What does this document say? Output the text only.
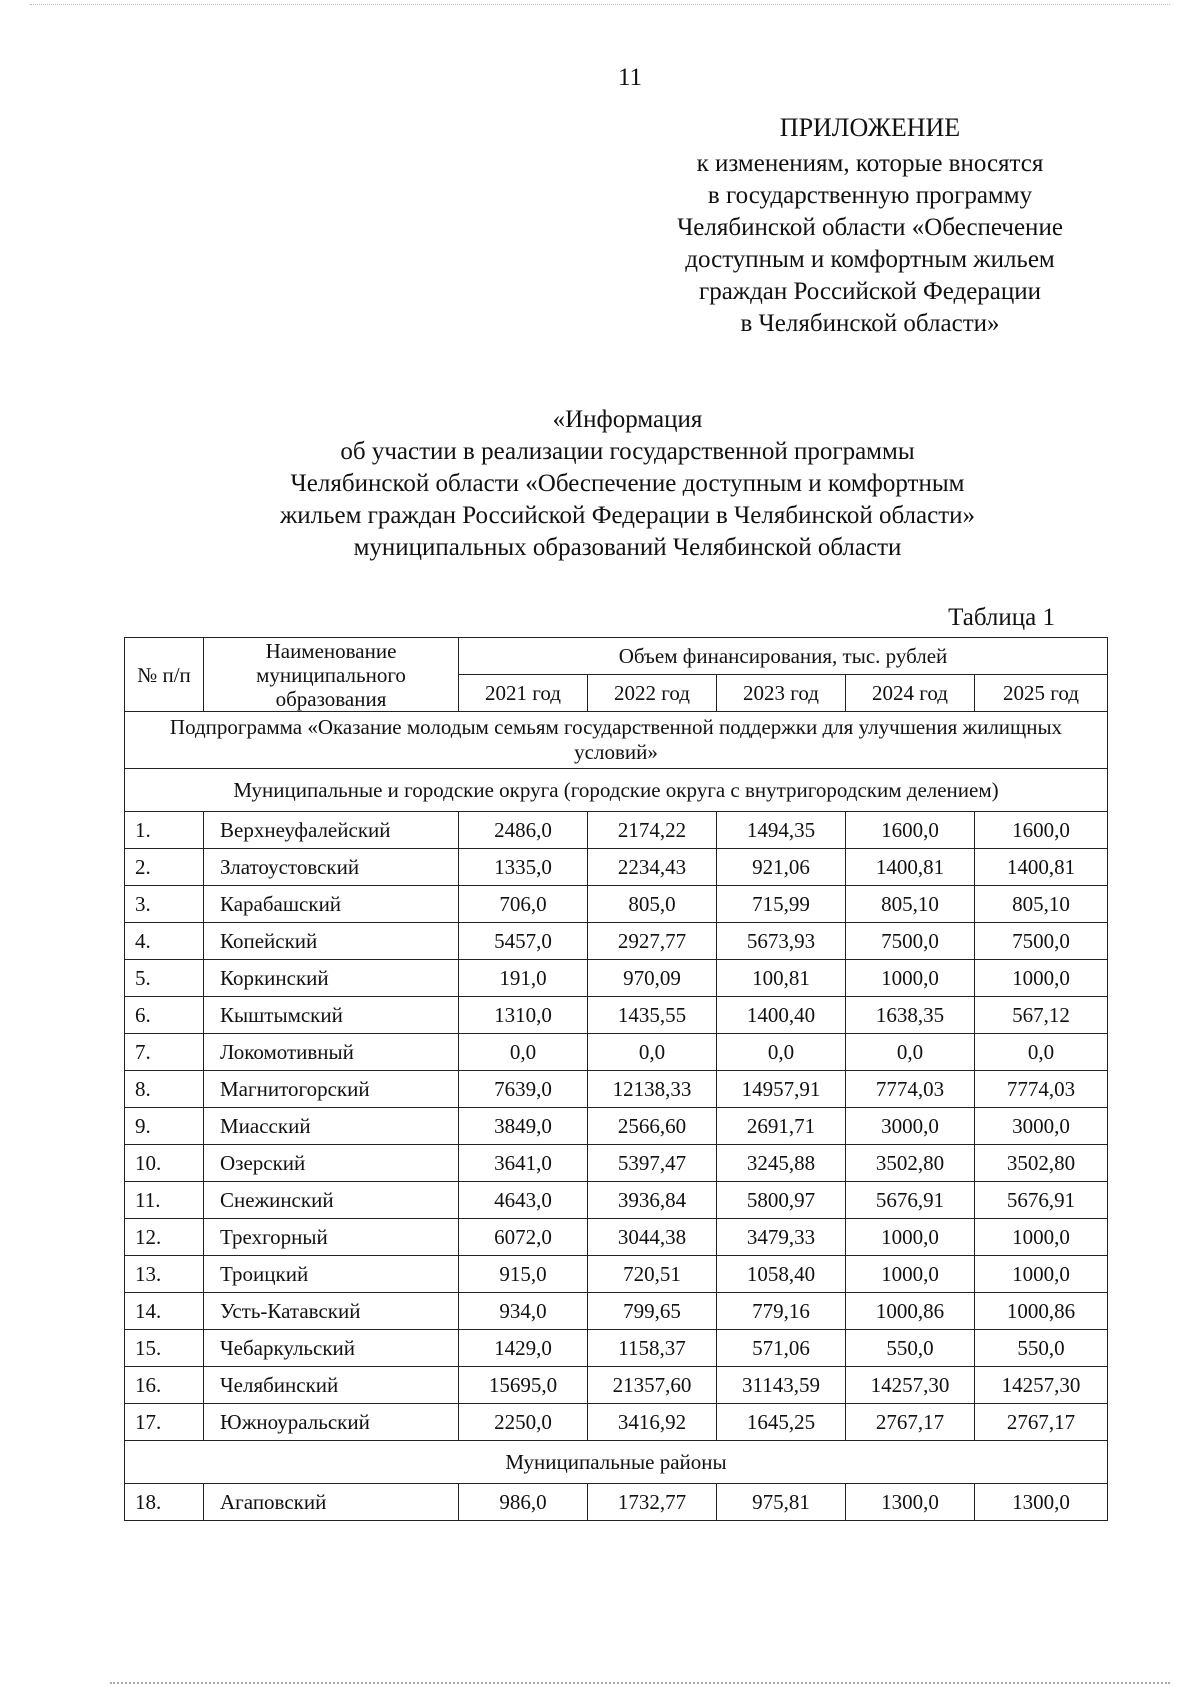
11
ПРИЛОЖЕНИЕ
к изменениям, которые вносятся
в государственную программу
Челябинской области «Обеспечение
доступным и комфортным жильем
граждан Российской Федерации
в Челябинской области»
«Информация
об участии в реализации государственной программы
Челябинской области «Обеспечение доступным и комфортным
жильем граждан Российской Федерации в Челябинской области»
муниципальных образований Челябинской области
Таблица 1
№ п/п	Наименование муниципального образования	Объем финансирования, тыс. рублей				
		2021 год	2022 год	2023 год	2024 год	2025 год
Подпрограмма «Оказание молодым семьям государственной поддержки для улучшения жилищных условий»						
Муниципальные и городские округа (городские округа с внутригородским делением)						
1.	Верхнеуфалейский	2486,0	2174,22	1494,35	1600,0	1600,0
2.	Златоустовский	1335,0	2234,43	921,06	1400,81	1400,81
3.	Карабашский	706,0	805,0	715,99	805,10	805,10
4.	Копейский	5457,0	2927,77	5673,93	7500,0	7500,0
5.	Коркинский	191,0	970,09	100,81	1000,0	1000,0
6.	Кыштымский	1310,0	1435,55	1400,40	1638,35	567,12
7.	Локомотивный	0,0	0,0	0,0	0,0	0,0
8.	Магнитогорский	7639,0	12138,33	14957,91	7774,03	7774,03
9.	Миасский	3849,0	2566,60	2691,71	3000,0	3000,0
10.	Озерский	3641,0	5397,47	3245,88	3502,80	3502,80
11.	Снежинский	4643,0	3936,84	5800,97	5676,91	5676,91
12.	Трехгорный	6072,0	3044,38	3479,33	1000,0	1000,0
13.	Троицкий	915,0	720,51	1058,40	1000,0	1000,0
14.	Усть-Катавский	934,0	799,65	779,16	1000,86	1000,86
15.	Чебаркульский	1429,0	1158,37	571,06	550,0	550,0
16.	Челябинский	15695,0	21357,60	31143,59	14257,30	14257,30
17.	Южноуральский	2250,0	3416,92	1645,25	2767,17	2767,17
Муниципальные районы						
18.	Агаповский	986,0	1732,77	975,81	1300,0	1300,0
